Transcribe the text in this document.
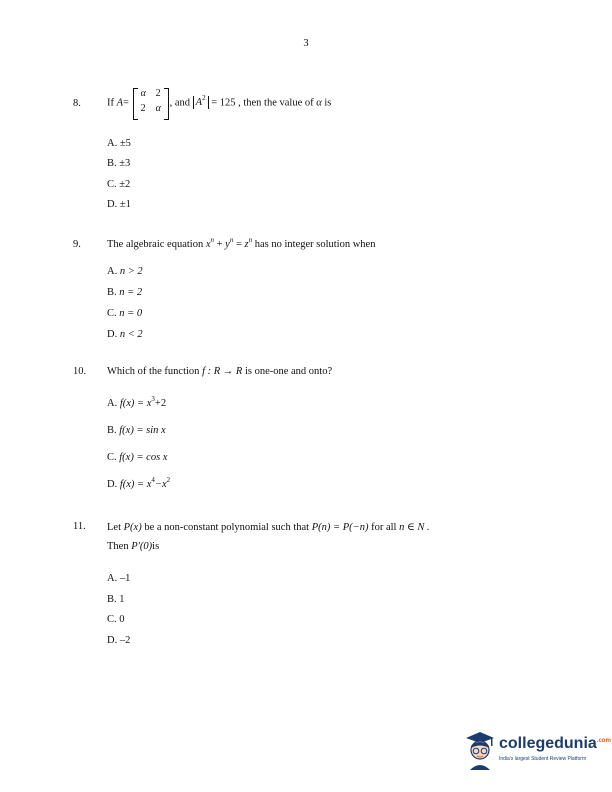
3
8. If A=
α 2
2 α
, and $A^2 = 125$ , then the value of α is
A. ±5
B. ±3
C. ±2
D. ±1
9. The algebraic equation $x^n + y^n = z^n$ has no integer solution when
A. n > 2
B. n = 2
C. n = 0
D. n < 2
10. Which of the function f : R → R is one-one and onto?
A. $f(x) = x^3+2$
B. f(x) = sin x
C. f(x) = cos x
D. $f(x) = x^4-x^2$
11. Let P(x) be a non-constant polynomial such that P(n) = P(−n) for all n ∈ N .
Then P′(0)is
A. –1
B. 1
C. 0
D. –2
collegedunia$^{.com}$
India's largest Student Review Platform
